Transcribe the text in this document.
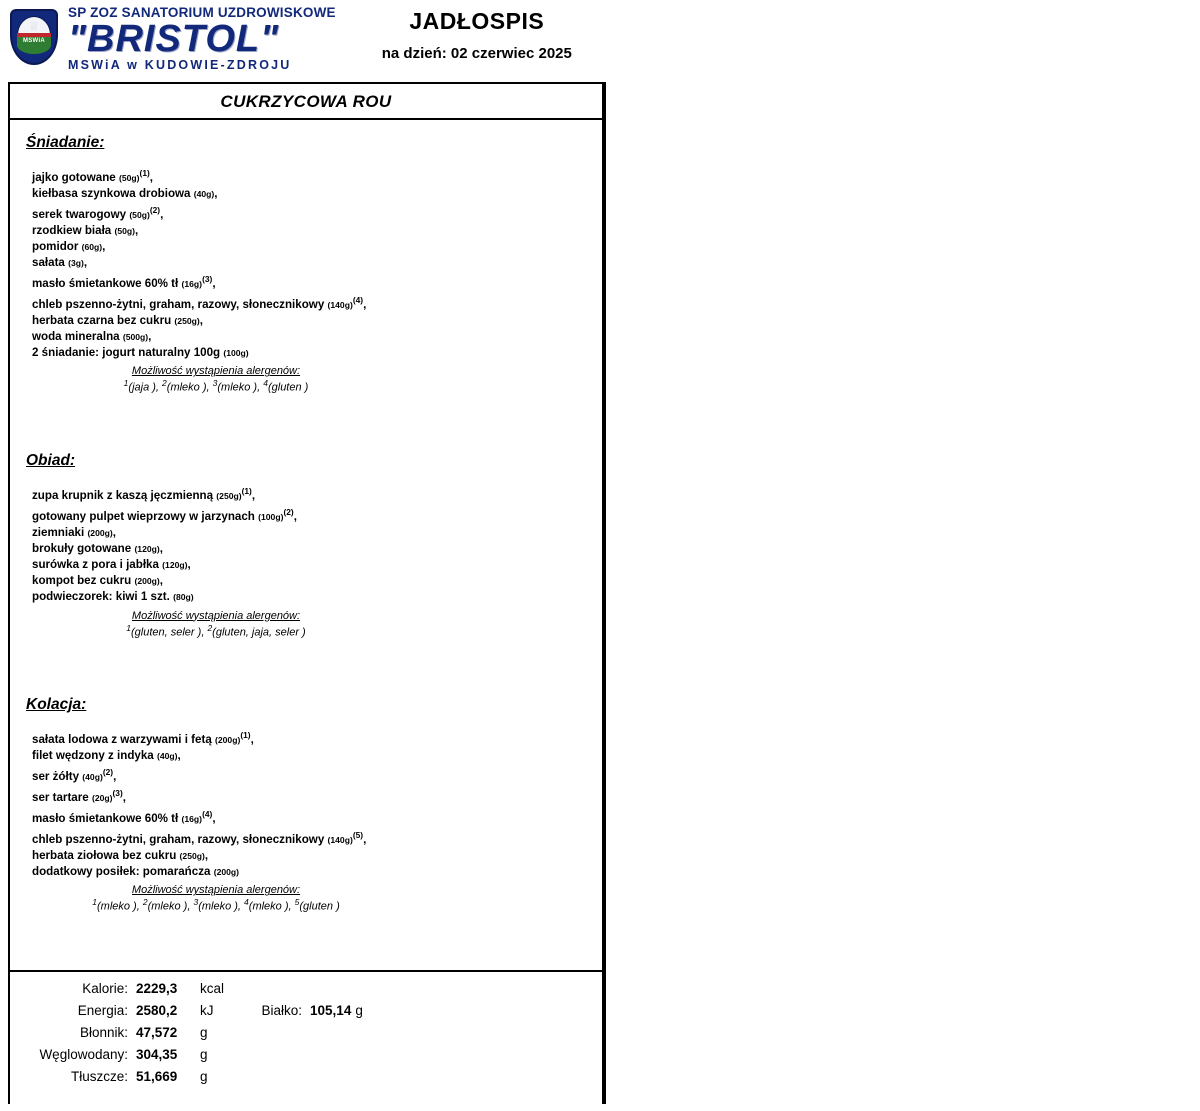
♕
MSWiA
SP ZOZ SANATORIUM UZDROWISKOWE
"BRISTOL"
MSWiA w KUDOWIE-ZDROJU
JADŁOSPIS
na dzień: 02 czerwiec 2025
CUKRZYCOWA ROU
Śniadanie:
jajko gotowane $(50g)^{(1)}$,
kiełbasa szynkowa drobiowa (40g),
serek twarogowy $(50g)^{(2)}$,
rzodkiew biała (50g),
pomidor (60g),
sałata (3g),
masło śmietankowe 60% tł $(16g)^{(3)}$,
chleb pszenno-żytni, graham, razowy, słonecznikowy $(140g)^{(4)}$,
herbata czarna bez cukru (250g),
woda mineralna (500g),
2 śniadanie: jogurt naturalny 100g (100g)
Możliwość wystąpienia alergenów:
$^1$(jaja ), $^2$(mleko ), $^3$(mleko ), $^4$(gluten )
Obiad:
zupa krupnik z kaszą jęczmienną $(250g)^{(1)}$,
gotowany pulpet wieprzowy w jarzynach $(100g)^{(2)}$,
ziemniaki (200g),
brokuły gotowane (120g),
surówka z pora i jabłka (120g),
kompot bez cukru (200g),
podwieczorek: kiwi 1 szt. (80g)
Możliwość wystąpienia alergenów:
$^1$(gluten, seler ), $^2$(gluten, jaja, seler )
Kolacja:
sałata lodowa z warzywami i fetą $(200g)^{(1)}$,
filet wędzony z indyka (40g),
ser żółty $(40g)^{(2)}$,
ser tartare $(20g)^{(3)}$,
masło śmietankowe 60% tł $(16g)^{(4)}$,
chleb pszenno-żytni, graham, razowy, słonecznikowy $(140g)^{(5)}$,
herbata ziołowa bez cukru (250g),
dodatkowy posiłek: pomarańcza (200g)
Możliwość wystąpienia alergenów:
$^1$(mleko ), $^2$(mleko ), $^3$(mleko ), $^4$(mleko ), $^5$(gluten )
Kalorie: 2229,3	kcal
Energia: 2580,2	kJ	Białko: 105,14 g
Błonnik: 47,572	g
Węglowodany: 304,35	g
Tłuszcze: 51,669	g
